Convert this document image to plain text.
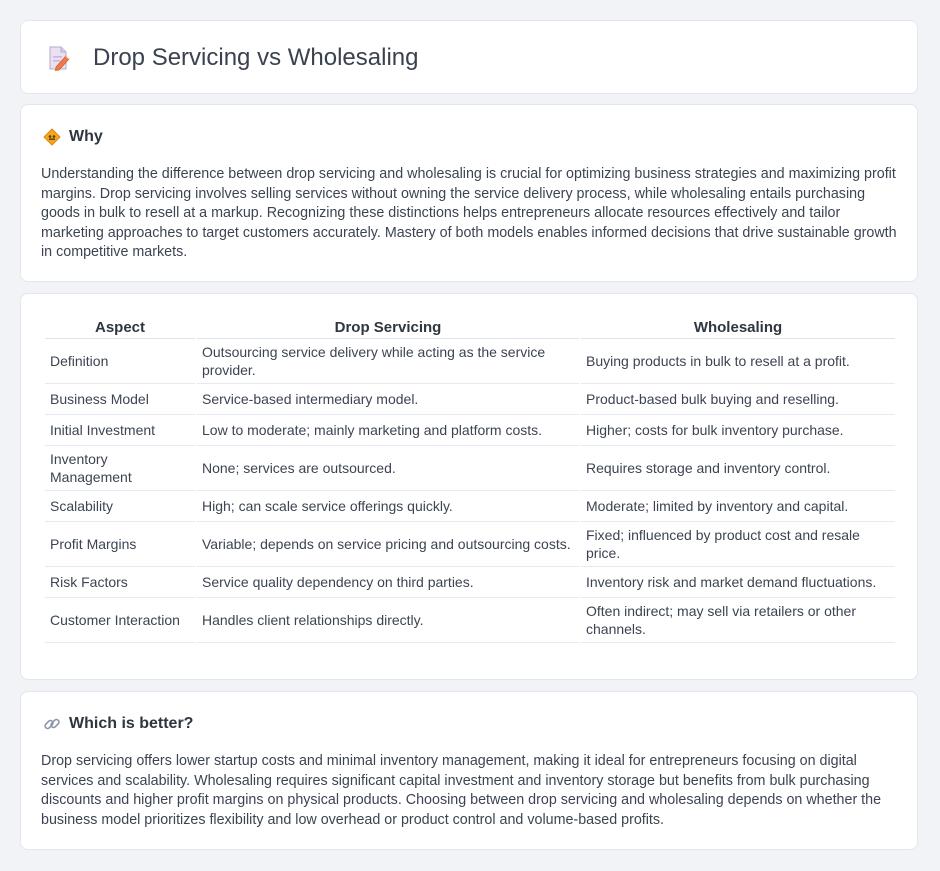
Drop Servicing vs Wholesaling
Why

Understanding the difference between drop servicing and wholesaling is crucial for optimizing business strategies and maximizing profit margins. Drop servicing involves selling services without owning the service delivery process, while wholesaling entails purchasing goods in bulk to resell at a markup. Recognizing these distinctions helps entrepreneurs allocate resources effectively and tailor marketing approaches to target customers accurately. Mastery of both models enables informed decisions that drive sustainable growth in competitive markets.

Aspect	Drop Servicing	Wholesaling
Definition	Outsourcing service delivery while acting as the service provider.	Buying products in bulk to resell at a profit.
Business Model	Service-based intermediary model.	Product-based bulk buying and reselling.
Initial Investment	Low to moderate; mainly marketing and platform costs.	Higher; costs for bulk inventory purchase.
Inventory Management	None; services are outsourced.	Requires storage and inventory control.
Scalability	High; can scale service offerings quickly.	Moderate; limited by inventory and capital.
Profit Margins	Variable; depends on service pricing and outsourcing costs.	Fixed; influenced by product cost and resale price.
Risk Factors	Service quality dependency on third parties.	Inventory risk and market demand fluctuations.
Customer Interaction	Handles client relationships directly.	Often indirect; may sell via retailers or other channels.
Which is better?

Drop servicing offers lower startup costs and minimal inventory management, making it ideal for entrepreneurs focusing on digital services and scalability. Wholesaling requires significant capital investment and inventory storage but benefits from bulk purchasing discounts and higher profit margins on physical products. Choosing between drop servicing and wholesaling depends on whether the business model prioritizes flexibility and low overhead or product control and volume-based profits.
